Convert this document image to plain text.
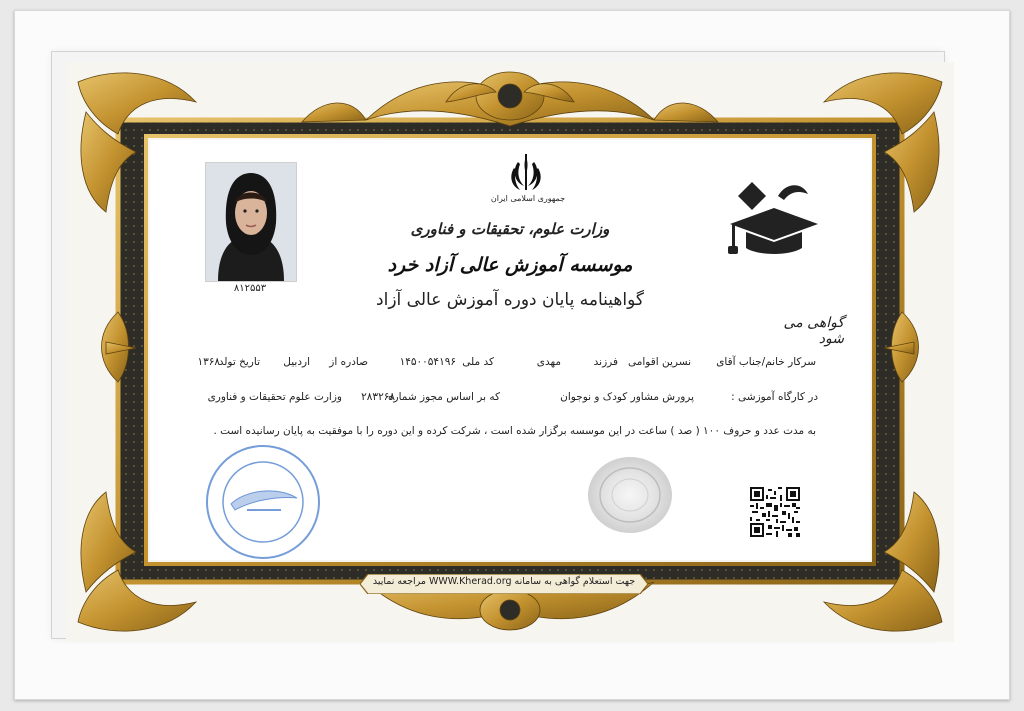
جمهوری اسلامی ایران
وزارت علوم، تحقیقات و فناوری
موسسه آموزش عالی آزاد خرد
گواهینامه پایان دوره آموزش عالی آزاد
۸۱۲۵۵۳
گواهی می شود
سرکار خانم/جناب آقای
نسرین اقوامی
فرزند
مهدی
کد ملی
۱۴۵۰۰۵۴۱۹۶
صادره از
اردبیل
تاریخ تولد
۱۳۶۸
در کارگاه آموزشی :
پرورش مشاور کودک و نوجوان
که بر اساس مجوز شماره
۲۸۳۲۶۸
وزارت علوم تحقیقات و فناوری
به مدت عدد و حروف ۱۰۰ ( صد ) ساعت در این موسسه برگزار شده است ، شرکت کرده و این دوره را با موفقیت به پایان رسانیده است .
جهت استعلام گواهی به سامانه WWW.Kherad.org مراجعه نمایید
